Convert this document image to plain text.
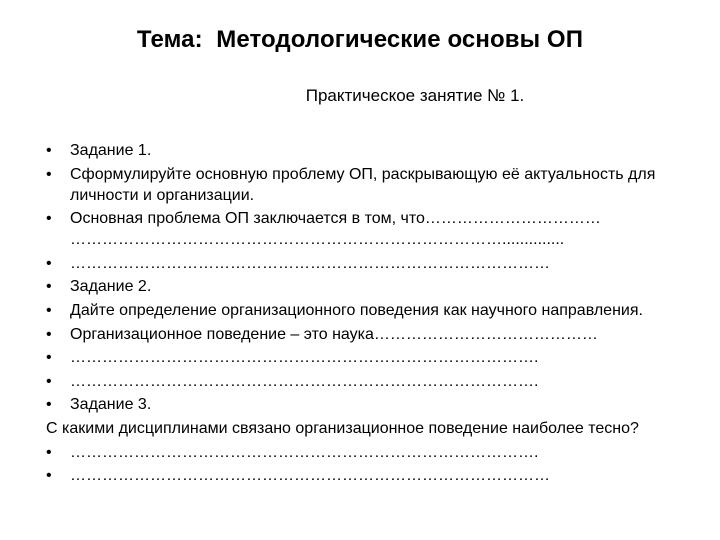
Тема:  Методологические основы ОП
Практическое занятие № 1.
•	Задание 1.
•	Сформулируйте основную проблему ОП, раскрывающую её актуальность для
личности и организации.
•	Основная проблема ОП заключается в том, что……………………………
………………………………………………………………………..............
•	………………………………………………………………………………
•	Задание 2.
•	Дайте определение организационного поведения как научного направления.
•	Организационное поведение – это наука……………………………………
•	…………………………………………………………………………….
•	…………………………………………………………………………….
•	Задание 3.
С какими дисциплинами связано организационное поведение наиболее тесно?
•	…………………………………………………………………………….
•	………………………………………………………………………………
